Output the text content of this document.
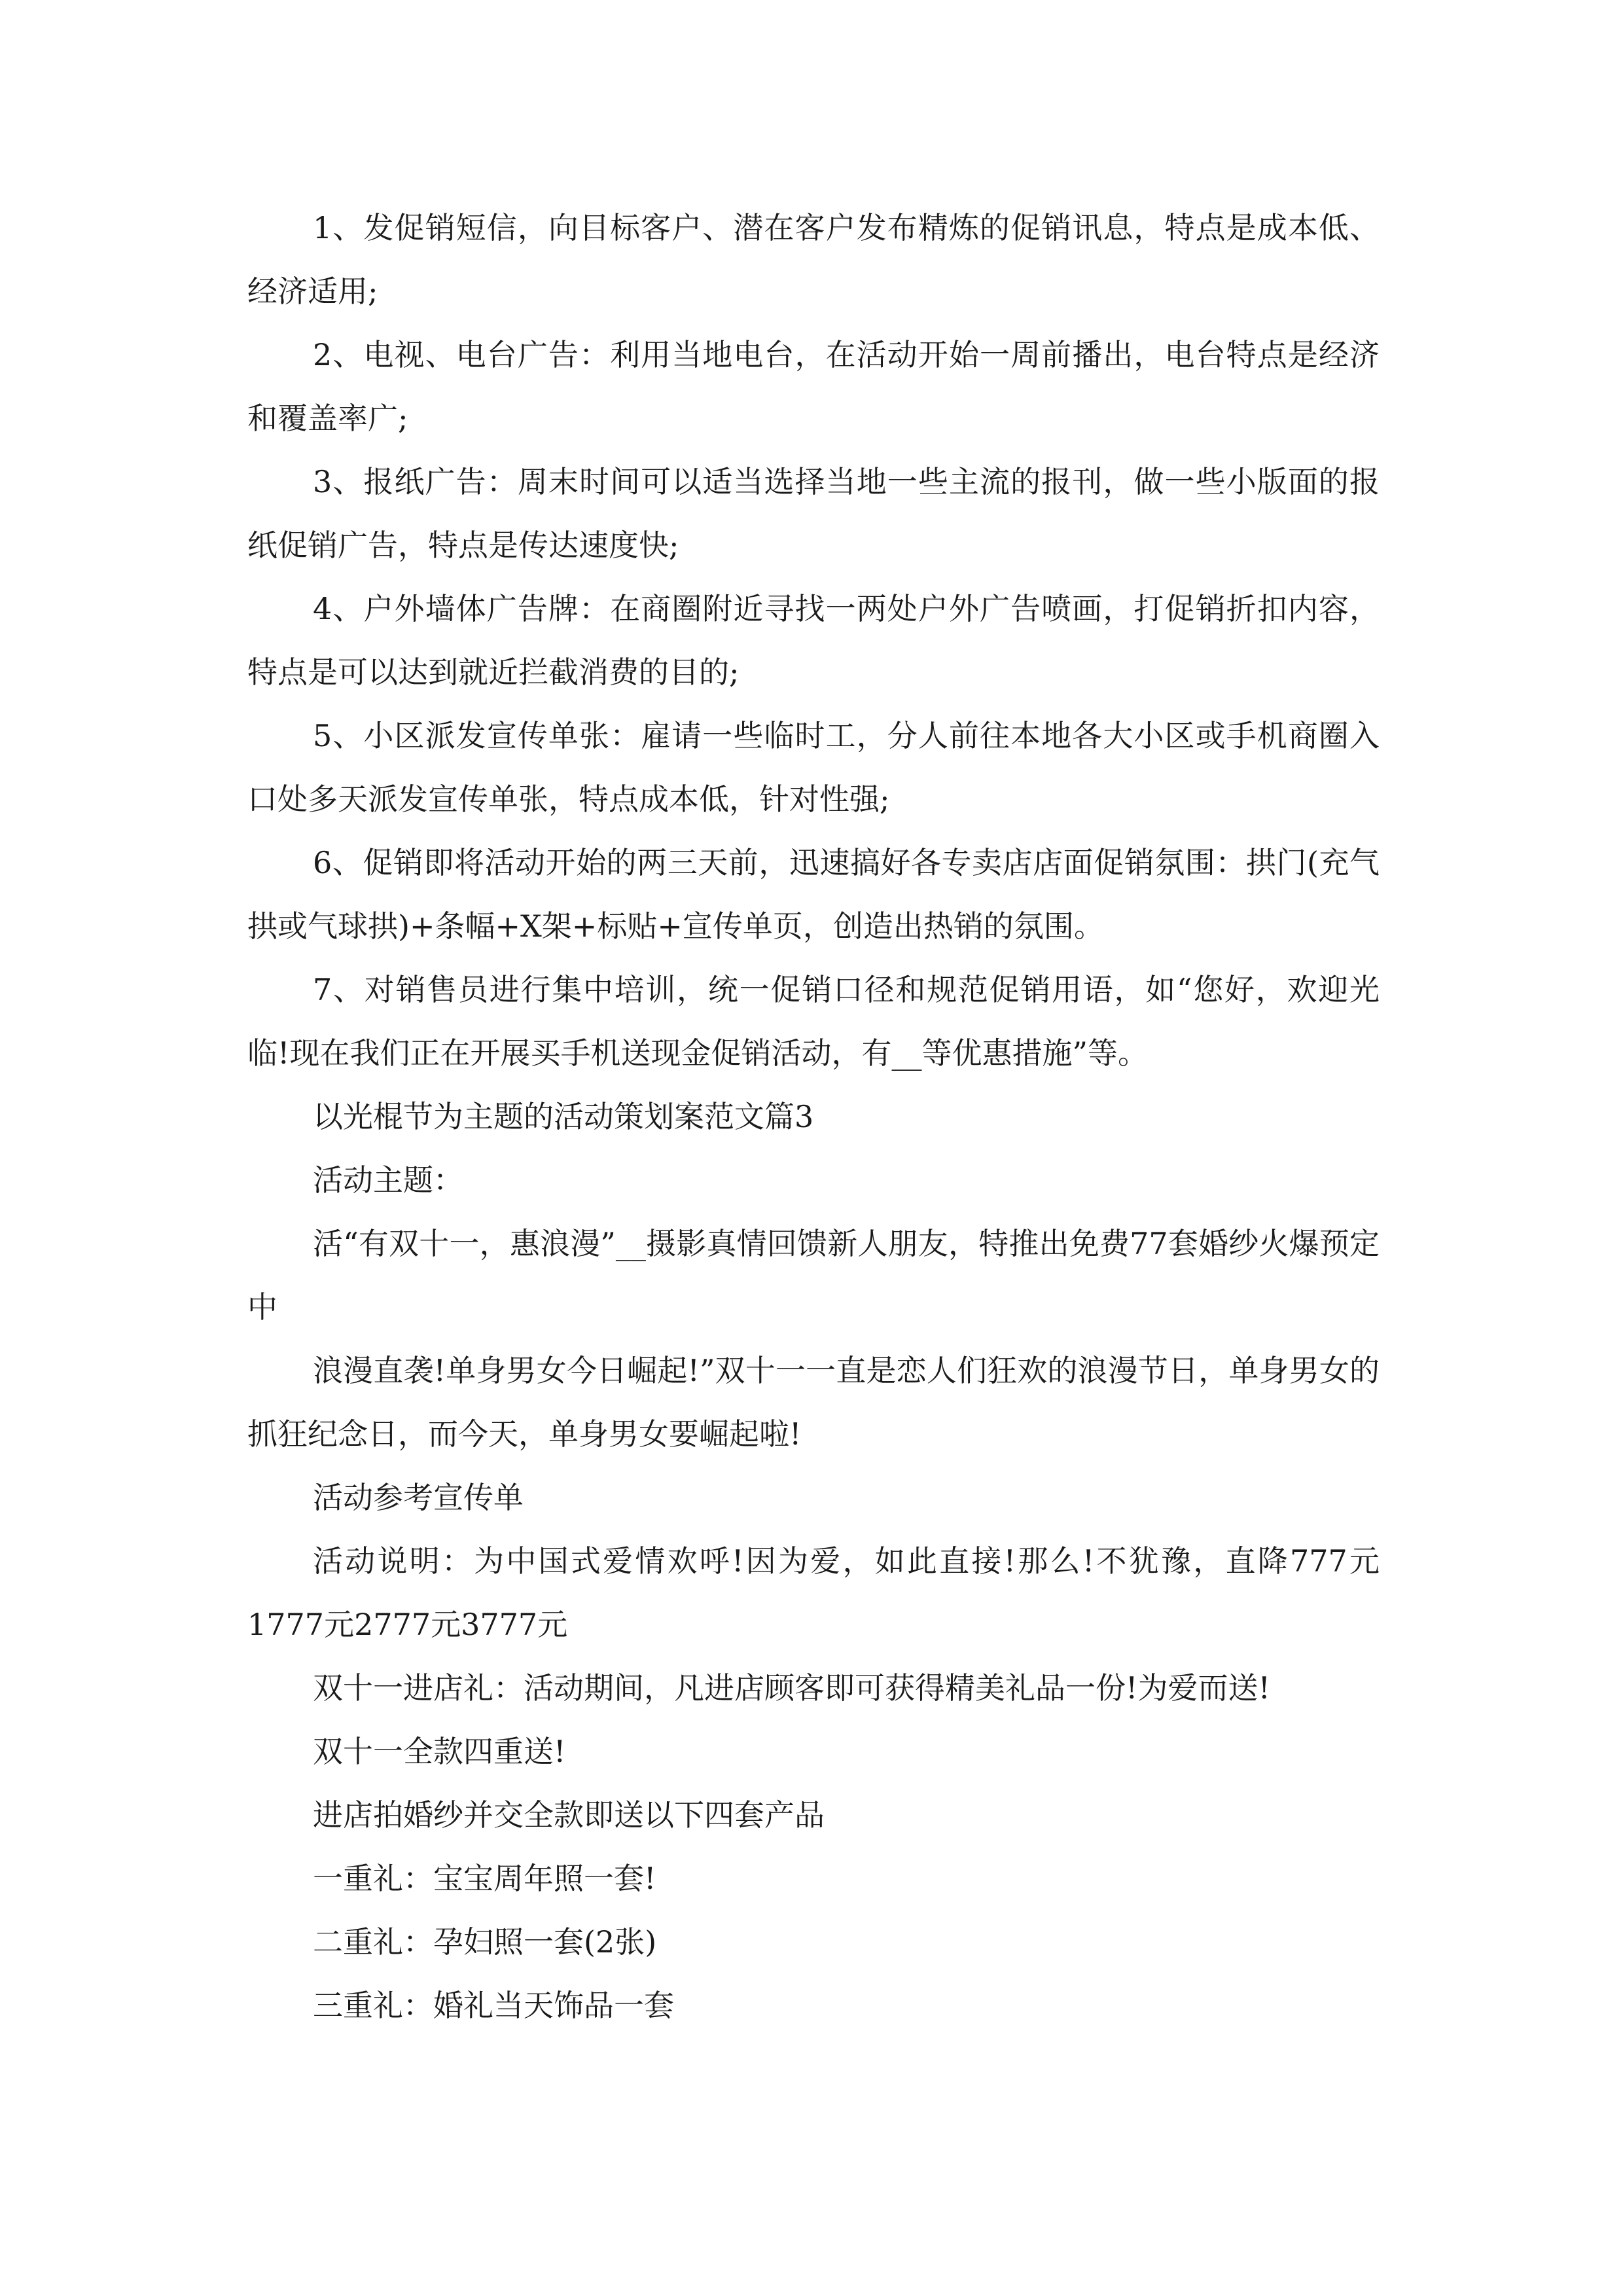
1、发促销短信，向目标客户、潜在客户发布精炼的促销讯息，特点是成本低、经济适用;

2、电视、电台广告：利用当地电台，在活动开始一周前播出，电台特点是经济和覆盖率广;

3、报纸广告：周末时间可以适当选择当地一些主流的报刊，做一些小版面的报纸促销广告，特点是传达速度快;

4、户外墙体广告牌：在商圈附近寻找一两处户外广告喷画，打促销折扣内容，特点是可以达到就近拦截消费的目的;

5、小区派发宣传单张：雇请一些临时工，分人前往本地各大小区或手机商圈入口处多天派发宣传单张，特点成本低，针对性强;

6、促销即将活动开始的两三天前，迅速搞好各专卖店店面促销氛围：拱门(充气拱或气球拱)+条幅+X架+标贴+宣传单页，创造出热销的氛围。

7、对销售员进行集中培训，统一促销口径和规范促销用语，如“您好，欢迎光临!现在我们正在开展买手机送现金促销活动，有__等优惠措施”等。

以光棍节为主题的活动策划案范文篇3

活动主题：

活“有双十一，惠浪漫”__摄影真情回馈新人朋友，特推出免费77套婚纱火爆预定中

浪漫直袭!单身男女今日崛起!”双十一一直是恋人们狂欢的浪漫节日，单身男女的抓狂纪念日，而今天，单身男女要崛起啦!

活动参考宣传单

活动说明：为中国式爱情欢呼!因为爱，如此直接!那么!不犹豫，直降777元1777元2777元3777元

双十一进店礼：活动期间，凡进店顾客即可获得精美礼品一份!为爱而送!

双十一全款四重送!

进店拍婚纱并交全款即送以下四套产品

一重礼：宝宝周年照一套!

二重礼：孕妇照一套(2张)

三重礼：婚礼当天饰品一套
